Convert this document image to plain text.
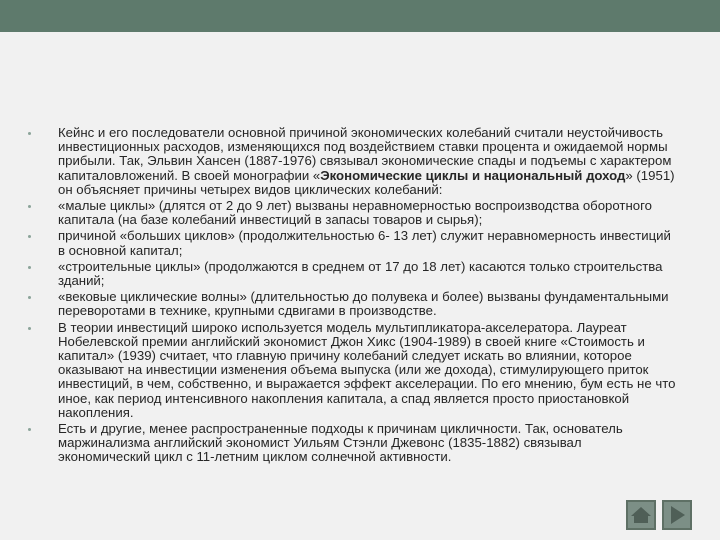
Кейнс и его последователи основной причиной экономических колебаний считали неустойчивость инвестиционных расходов, изменяющихся под воздействием ставки процента и ожидаемой нормы прибыли. Так, Эльвин Хансен (1887-1976) связывал экономические спады и подъемы с характером капиталовложений. В своей монографии «Экономические циклы и национальный доход» (1951) он объясняет причины четырех видов циклических колебаний:
«малые циклы» (длятся от 2 до 9 лет) вызваны неравномерностью воспроизводства оборотного капитала (на базе колебаний инвестиций в запасы товаров и сырья);
причиной «больших циклов» (продолжительностью 6- 13 лет) служит неравномерность инвестиций в основной капитал;
«строительные циклы» (продолжаются в среднем от 17 до 18 лет) касаются только строительства зданий;
«вековые циклические волны» (длительностью до полувека и более) вызваны фундаментальными переворотами в технике, крупными сдвигами в производстве.
В теории инвестиций широко используется модель мультипликатора-акселератора. Лауреат Нобелевской премии английский экономист Джон Хикс (1904-1989) в своей книге «Стоимость и капитал» (1939) считает, что главную причину колебаний следует искать во влиянии, которое оказывают на инвестиции изменения объема выпуска (или же дохода), стимулирующего приток инвестиций, в чем, собственно, и выражается эффект акселерации. По его мнению, бум есть не что иное, как период интенсивного накопления капитала, а спад является просто приостановкой накопления.
Есть и другие, менее распространенные подходы к причинам цикличности. Так, основатель маржинализма английский экономист Уильям Стэнли Джевонс (1835-1882) связывал экономический цикл с 11-летним циклом солнечной активности.
